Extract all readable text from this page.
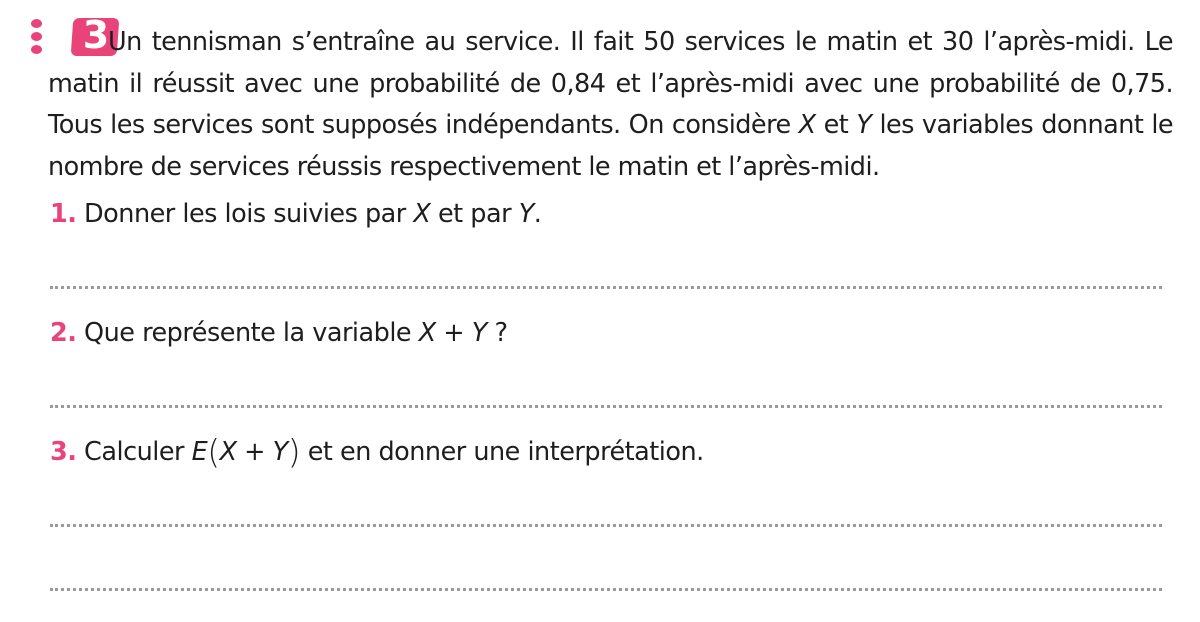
3

Un tennisman s’entraîne au service. Il fait 50 services le matin et 30 l’après-midi. Le matin il réussit avec une probabilité de 0,84 et l’après-midi avec une probabilité de 0,75. Tous les services sont supposés indépendants. On considère X et Y les variables donnant le nombre de services réussis respectivement le matin et l’après-midi.

1. Donner les lois suivies par X et par Y.

2. Que représente la variable X + Y ?

3. Calculer E(X + Y) et en donner une interprétation.
